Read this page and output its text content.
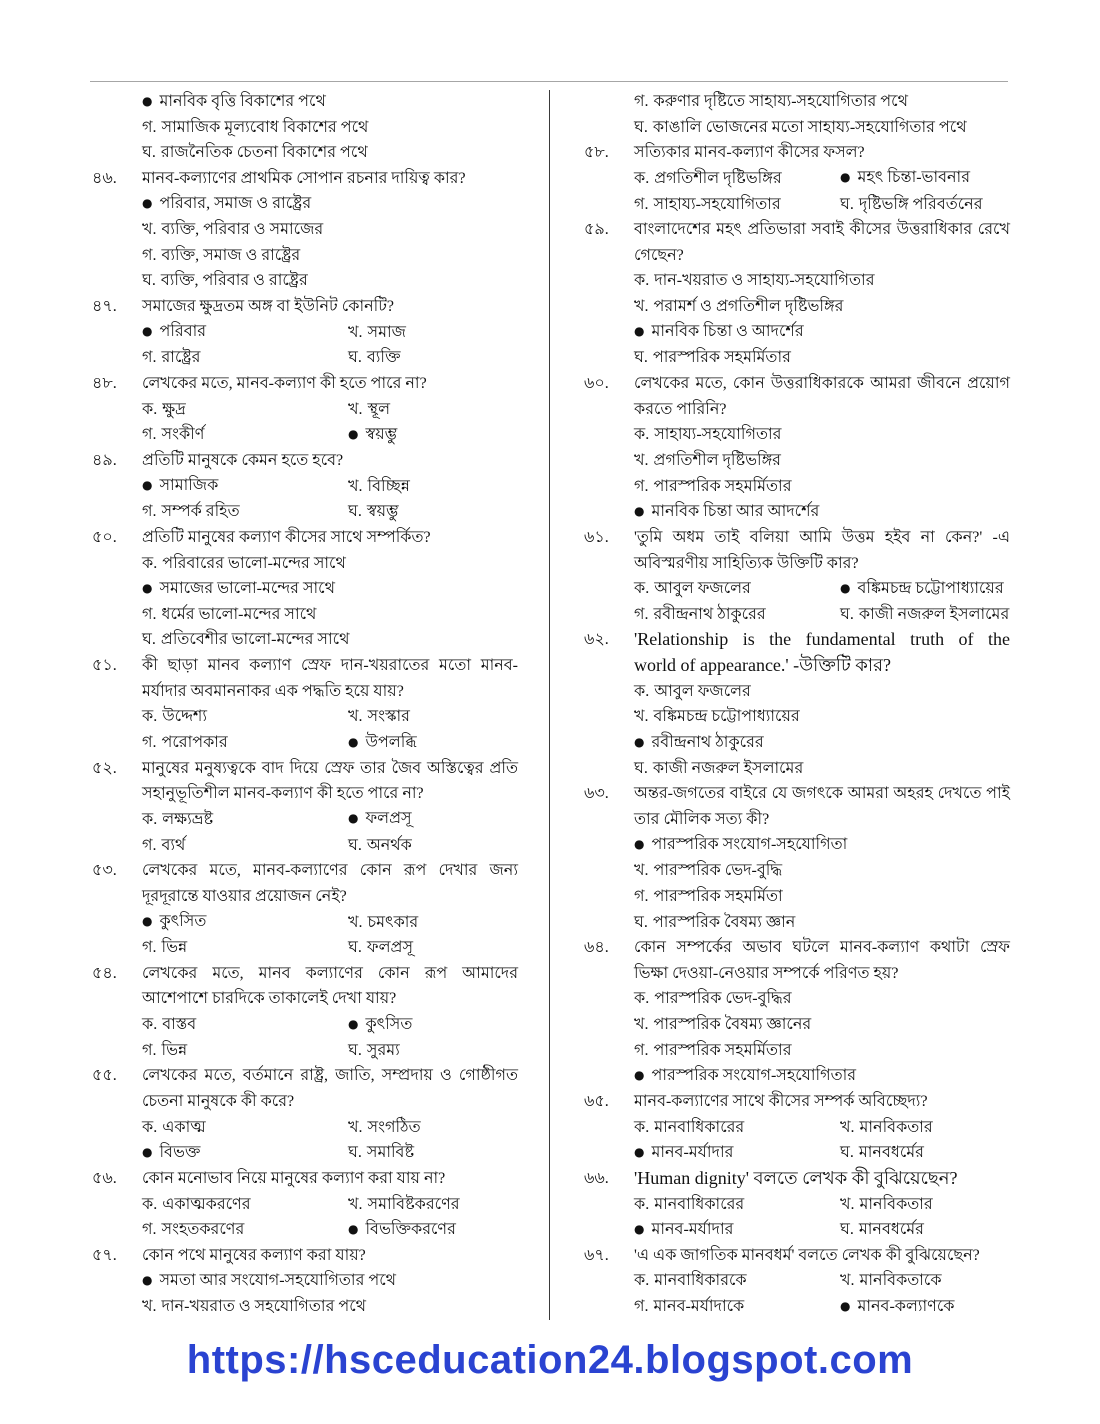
● মানবিক বৃত্তি বিকাশের পথে
গ. সামাজিক মূল্যবোধ বিকাশের পথে
ঘ. রাজনৈতিক চেতনা বিকাশের পথে
৪৬.	মানব-কল্যাণের প্রাথমিক সোপান রচনার দায়িত্ব কার?
● পরিবার, সমাজ ও রাষ্ট্রের
খ. ব্যক্তি, পরিবার ও সমাজের
গ. ব্যক্তি, সমাজ ও রাষ্ট্রের
ঘ. ব্যক্তি, পরিবার ও রাষ্ট্রের
৪৭.	সমাজের ক্ষুদ্রতম অঙ্গ বা ইউনিট কোনটি?
● পরিবার	খ. সমাজ
গ. রাষ্ট্রের	ঘ. ব্যক্তি
৪৮.	লেখকের মতে, মানব-কল্যাণ কী হতে পারে না?
ক. ক্ষুদ্র	খ. স্থূল
গ. সংকীর্ণ	● স্বয়ম্ভু
৪৯.	প্রতিটি মানুষকে কেমন হতে হবে?
● সামাজিক	খ. বিচ্ছিন্ন
গ. সম্পর্ক রহিত	ঘ. স্বয়ম্ভু
৫০.	প্রতিটি মানুষের কল্যাণ কীসের সাথে সম্পর্কিত?
ক. পরিবারের ভালো-মন্দের সাথে
● সমাজের ভালো-মন্দের সাথে
গ. ধর্মের ভালো-মন্দের সাথে
ঘ. প্রতিবেশীর ভালো-মন্দের সাথে
৫১.	কী ছাড়া মানব কল্যাণ স্রেফ দান-খয়রাতের মতো মানব-
মর্যাদার অবমাননাকর এক পদ্ধতি হয়ে যায়?
ক. উদ্দেশ্য	খ. সংস্কার
গ. পরোপকার	● উপলব্ধি
৫২.	মানুষের মনুষ্যত্বকে বাদ দিয়ে স্রেফ তার জৈব অস্তিত্বের প্রতি
সহানুভূতিশীল মানব-কল্যাণ কী হতে পারে না?
ক. লক্ষ্যভ্রষ্ট	● ফলপ্রসূ
গ. ব্যর্থ	ঘ. অনর্থক
৫৩.	লেখকের মতে, মানব-কল্যাণের কোন রূপ দেখার জন্য
দূরদূরান্তে যাওয়ার প্রয়োজন নেই?
● কুৎসিত	খ. চমৎকার
গ. ভিন্ন	ঘ. ফলপ্রসূ
৫৪.	লেখকের মতে, মানব কল্যাণের কোন রূপ আমাদের
আশেপাশে চারদিকে তাকালেই দেখা যায়?
ক. বাস্তব	● কুৎসিত
গ. ভিন্ন	ঘ. সুরম্য
৫৫.	লেখকের মতে, বর্তমানে রাষ্ট্র, জাতি, সম্প্রদায় ও গোষ্ঠীগত
চেতনা মানুষকে কী করে?
ক. একাত্ম	খ. সংগঠিত
● বিভক্ত	ঘ. সমাবিষ্ট
৫৬.	কোন মনোভাব নিয়ে মানুষের কল্যাণ করা যায় না?
ক. একাত্মকরণের	খ. সমাবিষ্টকরণের
গ. সংহতকরণের	● বিভক্তিকরণের
৫৭.	কোন পথে মানুষের কল্যাণ করা যায়?
● সমতা আর সংযোগ-সহযোগিতার পথে
খ. দান-খয়রাত ও সহযোগিতার পথে
গ. করুণার দৃষ্টিতে সাহায্য-সহযোগিতার পথে
ঘ. কাঙালি ভোজনের মতো সাহায্য-সহযোগিতার পথে
৫৮.	সত্যিকার মানব-কল্যাণ কীসের ফসল?
ক. প্রগতিশীল দৃষ্টিভঙ্গির	● মহৎ চিন্তা-ভাবনার
গ. সাহায্য-সহযোগিতার	ঘ. দৃষ্টিভঙ্গি পরিবর্তনের
৫৯.	বাংলাদেশের মহৎ প্রতিভারা সবাই কীসের উত্তরাধিকার রেখে
গেছেন?
ক. দান-খয়রাত ও সাহায্য-সহযোগিতার
খ. পরামর্শ ও প্রগতিশীল দৃষ্টিভঙ্গির
● মানবিক চিন্তা ও আদর্শের
ঘ. পারস্পরিক সহমর্মিতার
৬০.	লেখকের মতে, কোন উত্তরাধিকারকে আমরা জীবনে প্রয়োগ
করতে পারিনি?
ক. সাহায্য-সহযোগিতার
খ. প্রগতিশীল দৃষ্টিভঙ্গির
গ. পারস্পরিক সহমর্মিতার
● মানবিক চিন্তা আর আদর্শের
৬১.	'তুমি অধম তাই বলিয়া আমি উত্তম হইব না কেন?' -এ
অবিস্মরণীয় সাহিত্যিক উক্তিটি কার?
ক. আবুল ফজলের	● বঙ্কিমচন্দ্র চট্টোপাধ্যায়ের
গ. রবীন্দ্রনাথ ঠাকুরের	ঘ. কাজী নজরুল ইসলামের
৬২.	'Relationship is the fundamental truth of the
world of appearance.' -উক্তিটি কার?
ক. আবুল ফজলের
খ. বঙ্কিমচন্দ্র চট্টোপাধ্যায়ের
● রবীন্দ্রনাথ ঠাকুরের
ঘ. কাজী নজরুল ইসলামের
৬৩.	অন্তর-জগতের বাইরে যে জগৎকে আমরা অহরহ দেখতে পাই
তার মৌলিক সত্য কী?
● পারস্পরিক সংযোগ-সহযোগিতা
খ. পারস্পরিক ভেদ-বুদ্ধি
গ. পারস্পরিক সহমর্মিতা
ঘ. পারস্পরিক বৈষম্য জ্ঞান
৬৪.	কোন সম্পর্কের অভাব ঘটলে মানব-কল্যাণ কথাটা স্রেফ
ভিক্ষা দেওয়া-নেওয়ার সম্পর্কে পরিণত হয়?
ক. পারস্পরিক ভেদ-বুদ্ধির
খ. পারস্পরিক বৈষম্য জ্ঞানের
গ. পারস্পরিক সহমর্মিতার
● পারস্পরিক সংযোগ-সহযোগিতার
৬৫.	মানব-কল্যাণের সাথে কীসের সম্পর্ক অবিচ্ছেদ্য?
ক. মানবাধিকারের	খ. মানবিকতার
● মানব-মর্যাদার	ঘ. মানবধর্মের
৬৬.	'Human dignity' বলতে লেখক কী বুঝিয়েছেন?
ক. মানবাধিকারের	খ. মানবিকতার
● মানব-মর্যাদার	ঘ. মানবধর্মের
৬৭.	'এ এক জাগতিক মানবধর্ম' বলতে লেখক কী বুঝিয়েছেন?
ক. মানবাধিকারকে	খ. মানবিকতাকে
গ. মানব-মর্যাদাকে	● মানব-কল্যাণকে
https://hsceducation24.blogspot.com
